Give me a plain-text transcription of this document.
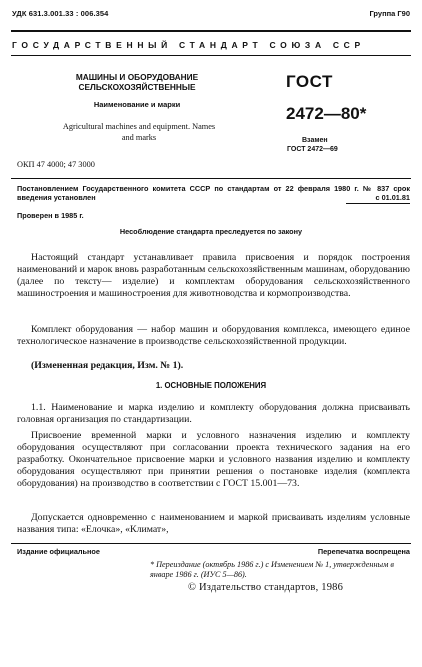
УДК 631.3.001.33 : 006.354	Группа Г90
ГОСУДАРСТВЕННЫЙ СТАНДАРТ СОЮЗА ССР
МАШИНЫ И ОБОРУДОВАНИЕ СЕЛЬСКОХОЗЯЙСТВЕННЫЕ
Наименование и марки
Agricultural machines and equipment. Names and marks
ОКП 47 4000; 47 3000
ГОСТ
2472—80*
Взамен
ГОСТ 2472—69
Постановлением Государственного комитета СССР по стандартам от 22 февраля 1980 г. № 837 срок введения установлен	с 01.01.81
Проверен в 1985 г.
Несоблюдение стандарта преследуется по закону

Настоящий стандарт устанавливает правила присвоения и порядок построения наименований и марок вновь разработанным сельскохозяйственным машинам, оборудованию (далее по тексту— изделие) и комплектам оборудования сельскохозяйственного машиностроения и машиностроения для животноводства и кормопроизводства.

Комплект оборудования — набор машин и оборудования комплекса, имеющего единое технологическое назначение в производстве сельскохозяйственной продукции.

(Измененная редакция, Изм. № 1).

1. ОСНОВНЫЕ ПОЛОЖЕНИЯ

1.1. Наименование и марка изделию и комплекту оборудования должна присваивать головная организация по стандартизации.

Присвоение временной марки и условного назначения изделию и комплекту оборудования осуществляют при согласовании проекта технического задания на его разработку. Окончательное присвоение марки и условного названия изделию и комплекту оборудования осуществляют при принятии решения о постановке изделия (комплекта оборудования) на производство в соответствии с ГОСТ 15.001—73.

Допускается одновременно с наименованием и маркой присваивать изделиям условные названия типа: «Елочка», «Климат»,

Издание официальное	Перепечатка воспрещена
* Переиздание (октябрь 1986 г.) с Изменением № 1, утвержденным в январе 1986 г. (ИУС 5—86).
© Издательство стандартов, 1986
